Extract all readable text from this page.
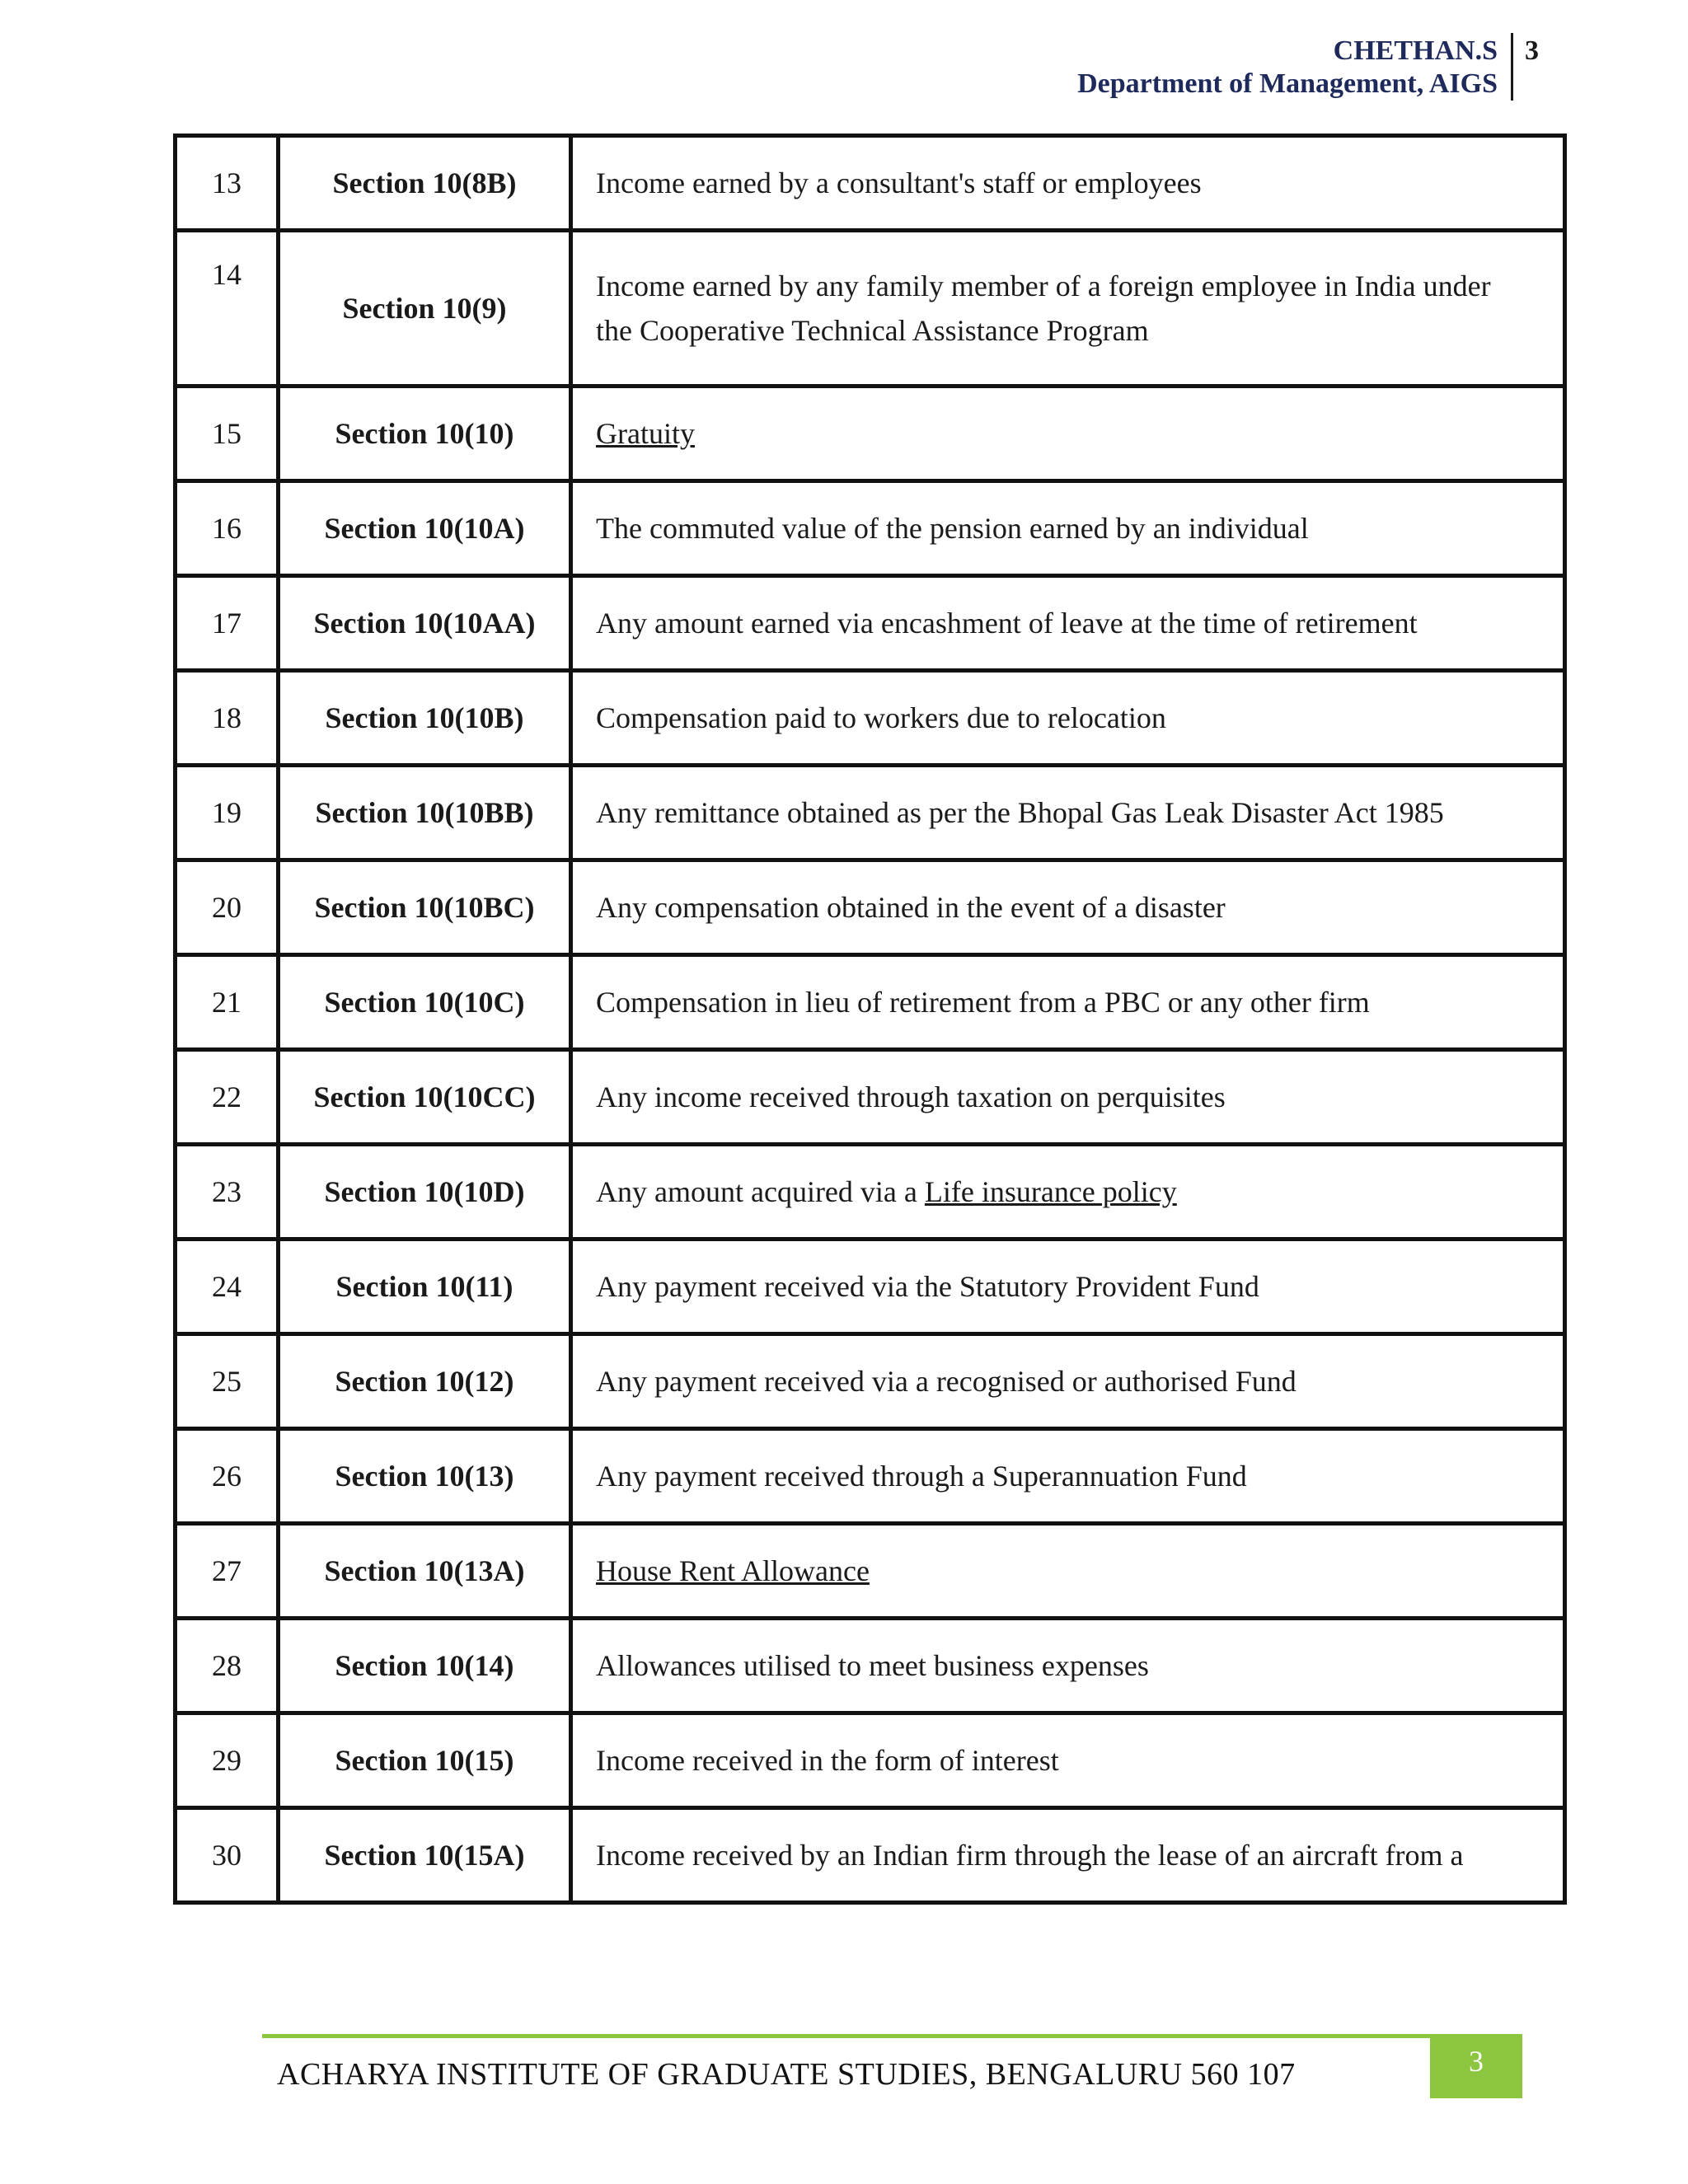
CHETHAN.S
Department of Management, AIGS
3
13	Section 10(8B)	Income earned by a consultant's staff or employees
14	Section 10(9)	Income earned by any family member of a foreign employee in India under
the Cooperative Technical Assistance Program

15	Section 10(10)	Gratuity
16	Section 10(10A)	The commuted value of the pension earned by an individual
17	Section 10(10AA)	Any amount earned via encashment of leave at the time of retirement
18	Section 10(10B)	Compensation paid to workers due to relocation
19	Section 10(10BB)	Any remittance obtained as per the Bhopal Gas Leak Disaster Act 1985
20	Section 10(10BC)	Any compensation obtained in the event of a disaster
21	Section 10(10C)	Compensation in lieu of retirement from a PBC or any other firm
22	Section 10(10CC)	Any income received through taxation on perquisites
23	Section 10(10D)	Any amount acquired via a Life insurance policy
24	Section 10(11)	Any payment received via the Statutory Provident Fund
25	Section 10(12)	Any payment received via a recognised or authorised Fund
26	Section 10(13)	Any payment received through a Superannuation Fund
27	Section 10(13A)	House Rent Allowance
28	Section 10(14)	Allowances utilised to meet business expenses
29	Section 10(15)	Income received in the form of interest
30	Section 10(15A)	Income received by an Indian firm through the lease of an aircraft from a
ACHARYA INSTITUTE OF GRADUATE STUDIES, BENGALURU 560 107	3
